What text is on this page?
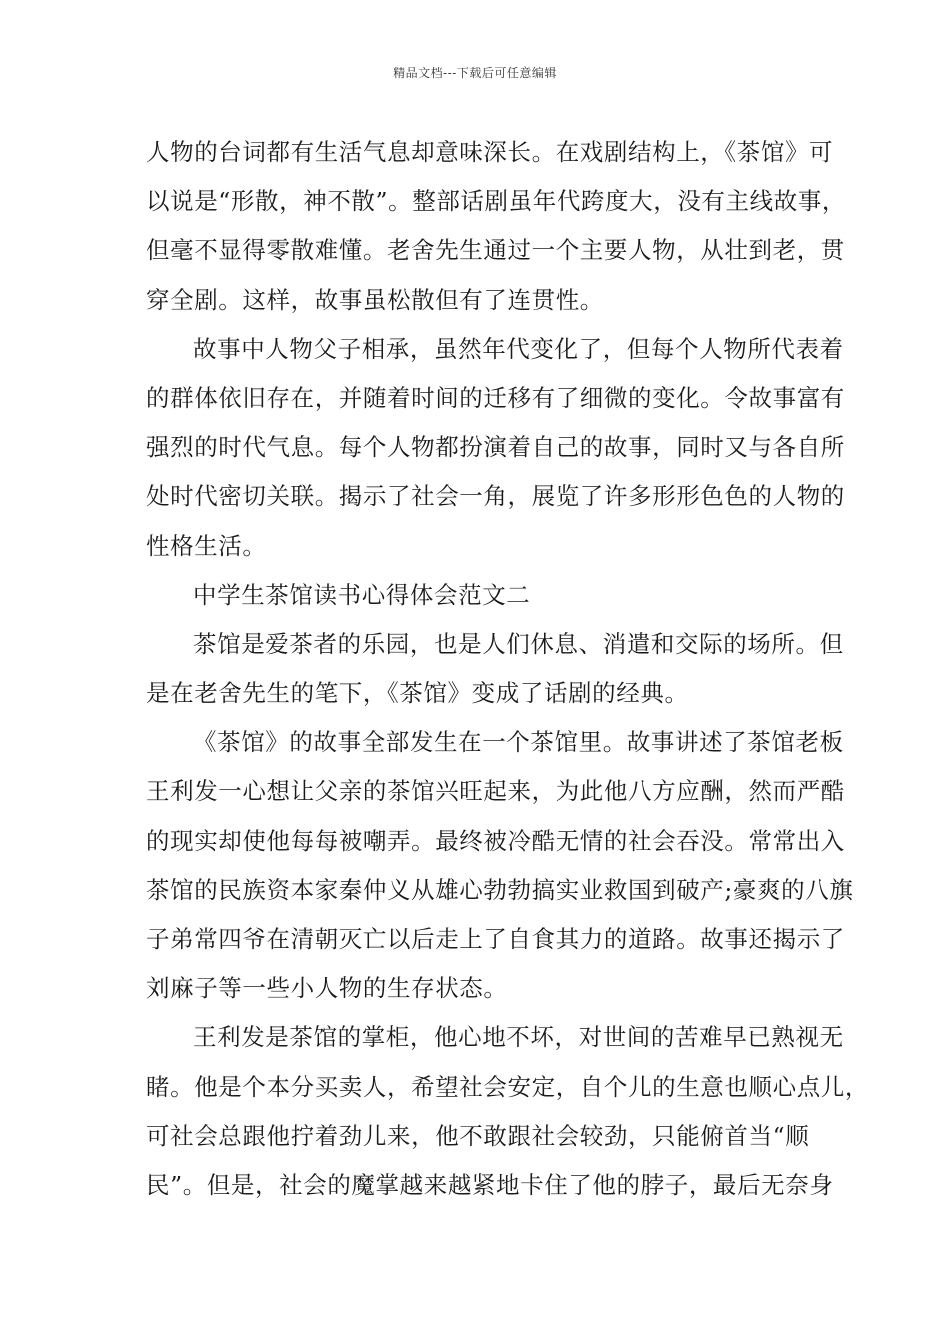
精品文档---下载后可任意编辑
人物的台词都有生活气息却意味深长。在戏剧结构上，《茶馆》可
以说是“形散，神不散”。整部话剧虽年代跨度大，没有主线故事，
但毫不显得零散难懂。老舍先生通过一个主要人物，从壮到老，贯
穿全剧。这样，故事虽松散但有了连贯性。
故事中人物父子相承，虽然年代变化了，但每个人物所代表着
的群体依旧存在，并随着时间的迁移有了细微的变化。令故事富有
强烈的时代气息。每个人物都扮演着自己的故事，同时又与各自所
处时代密切关联。揭示了社会一角，展览了许多形形色色的人物的
性格生活。
中学生茶馆读书心得体会范文二
茶馆是爱茶者的乐园，也是人们休息、消遣和交际的场所。但
是在老舍先生的笔下，《茶馆》变成了话剧的经典。
《茶馆》的故事全部发生在一个茶馆里。故事讲述了茶馆老板
王利发一心想让父亲的茶馆兴旺起来，为此他八方应酬，然而严酷
的现实却使他每每被嘲弄。最终被冷酷无情的社会吞没。常常出入
茶馆的民族资本家秦仲义从雄心勃勃搞实业救国到破产;豪爽的八旗
子弟常四爷在清朝灭亡以后走上了自食其力的道路。故事还揭示了
刘麻子等一些小人物的生存状态。
王利发是茶馆的掌柜，他心地不坏，对世间的苦难早已熟视无
睹。他是个本分买卖人，希望社会安定，自个儿的生意也顺心点儿，
可社会总跟他拧着劲儿来，他不敢跟社会较劲，只能俯首当“顺
民”。但是，社会的魔掌越来越紧地卡住了他的脖子，最后无奈身
